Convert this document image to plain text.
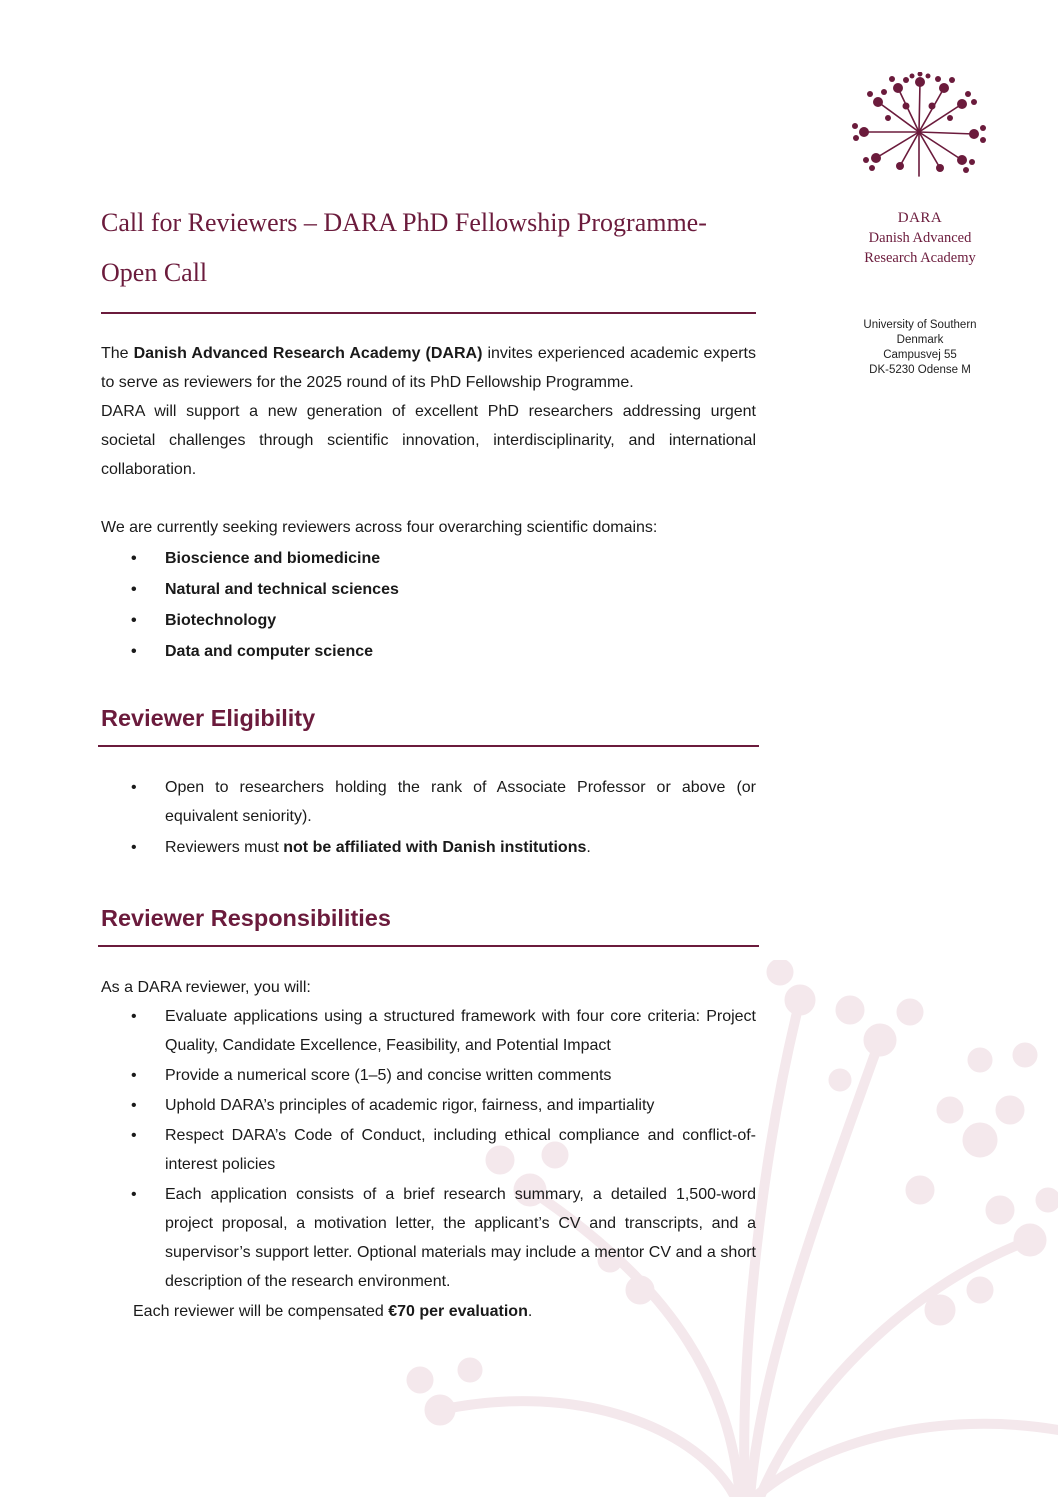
DARA
Danish Advanced
Research Academy
University of Southern
Denmark
Campusvej 55
DK-5230 Odense M
Call for Reviewers – DARA PhD Fellowship Programme-
Open Call

The Danish Advanced Research Academy (DARA) invites experienced academic experts to serve as reviewers for the 2025 round of its PhD Fellowship Programme.

DARA will support a new generation of excellent PhD researchers addressing urgent societal challenges through scientific innovation, interdisciplinarity, and international collaboration.

We are currently seeking reviewers across four overarching scientific domains:

• Bioscience and biomedicine
• Natural and technical sciences
• Biotechnology
• Data and computer science
Reviewer Eligibility
• Open to researchers holding the rank of Associate Professor or above (or equivalent seniority).
• Reviewers must not be affiliated with Danish institutions.
Reviewer Responsibilities

As a DARA reviewer, you will:

• Evaluate applications using a structured framework with four core criteria: Project Quality, Candidate Excellence, Feasibility, and Potential Impact
• Provide a numerical score (1–5) and concise written comments
• Uphold DARA’s principles of academic rigor, fairness, and impartiality
• Respect DARA’s Code of Conduct, including ethical compliance and conflict-of-interest policies
• Each application consists of a brief research summary, a detailed 1,500-word project proposal, a motivation letter, the applicant’s CV and transcripts, and a supervisor’s support letter. Optional materials may include a mentor CV and a short description of the research environment.

Each reviewer will be compensated €70 per evaluation.
